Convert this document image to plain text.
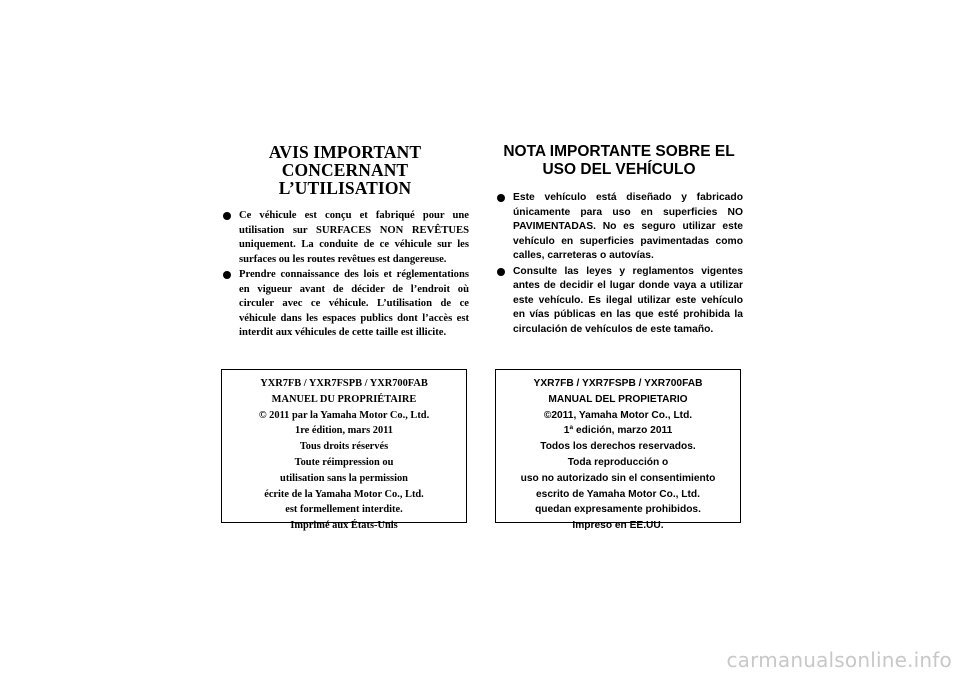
AVIS IMPORTANT
CONCERNANT L’UTILISATION
Ce véhicule est conçu et fabriqué pour une utilisation sur SURFACES NON REVÊTUES uniquement. La conduite de ce véhicule sur les surfaces ou les routes revêtues est dangereuse.
Prendre connaissance des lois et réglementations en vigueur avant de décider de l’endroit où circuler avec ce véhicule. L’utilisation de ce véhicule dans les espaces publics dont l’accès est interdit aux véhicules de cette taille est illicite.
NOTA IMPORTANTE SOBRE EL
USO DEL VEHÍCULO
Este vehículo está diseñado y fabricado únicamente para uso en superficies NO PAVIMENTADAS. No es seguro utilizar este vehículo en superficies pavimentadas como calles, carreteras o autovías.
Consulte las leyes y reglamentos vigentes antes de decidir el lugar donde vaya a utilizar este vehículo. Es ilegal utilizar este vehículo en vías públicas en las que esté prohibida la circulación de vehículos de este tamaño.
YXR7FB / YXR7FSPB / YXR700FAB
MANUEL DU PROPRIÉTAIRE
© 2011 par la Yamaha Motor Co., Ltd.
1re édition, mars 2011
Tous droits réservés
Toute réimpression ou
utilisation sans la permission
écrite de la Yamaha Motor Co., Ltd.
est formellement interdite.
Imprimé aux États-Unis
YXR7FB / YXR7FSPB / YXR700FAB
MANUAL DEL PROPIETARIO
©2011, Yamaha Motor Co., Ltd.
1ª edición, marzo 2011
Todos los derechos reservados.
Toda reproducción o
uso no autorizado sin el consentimiento
escrito de Yamaha Motor Co., Ltd.
quedan expresamente prohibidos.
Impreso en EE.UU.
carmanualsonline.info
